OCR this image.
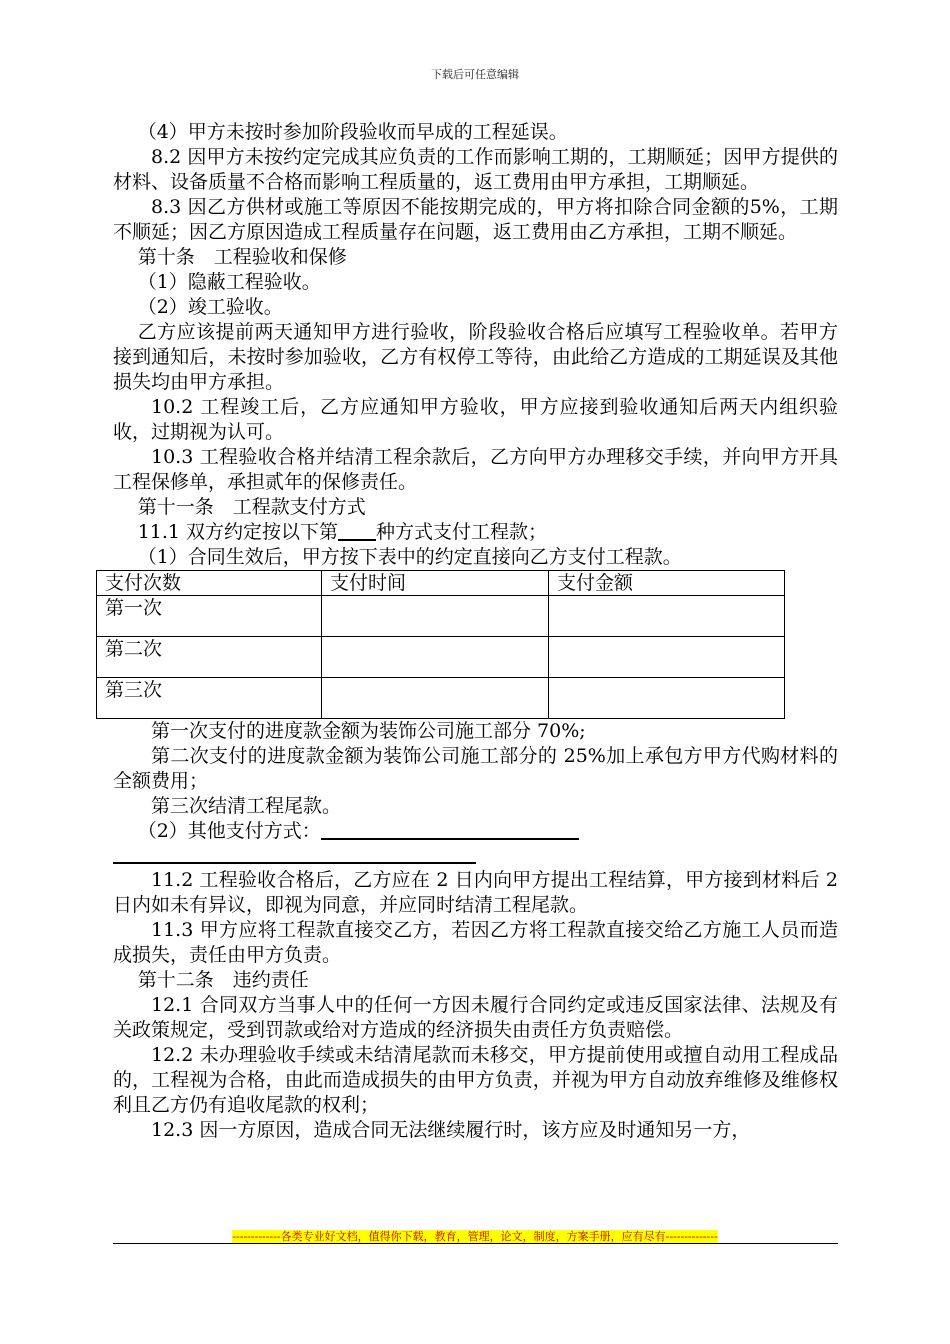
下载后可任意编辑

（4）甲方未按时参加阶段验收而早成的工程延误。

8.2 因甲方未按约定完成其应负责的工作而影响工期的，工期顺延；因甲方提供的材料、设备质量不合格而影响工程质量的，返工费用由甲方承担，工期顺延。

8.3 因乙方供材或施工等原因不能按期完成的，甲方将扣除合同金额的5%，工期不顺延；因乙方原因造成工程质量存在问题，返工费用由乙方承担，工期不顺延。

第十条　工程验收和保修

（1）隐蔽工程验收。

（2）竣工验收。

乙方应该提前两天通知甲方进行验收，阶段验收合格后应填写工程验收单。若甲方接到通知后，未按时参加验收，乙方有权停工等待，由此给乙方造成的工期延误及其他损失均由甲方承担。

10.2 工程竣工后，乙方应通知甲方验收，甲方应接到验收通知后两天内组织验收，过期视为认可。

10.3 工程验收合格并结清工程余款后，乙方向甲方办理移交手续，并向甲方开具工程保修单，承担贰年的保修责任。

第十一条　工程款支付方式

11.1 双方约定按以下第 种方式支付工程款；

（1）合同生效后，甲方按下表中的约定直接向乙方支付工程款。

支付次数	支付时间	支付金额
第一次		
第二次		
第三次		

第一次支付的进度款金额为装饰公司施工部分 70%;

第二次支付的进度款金额为装饰公司施工部分的 25%加上承包方甲方代购材料的全额费用；

第三次结清工程尾款。

（2）其他支付方式：

11.2 工程验收合格后，乙方应在 2 日内向甲方提出工程结算，甲方接到材料后 2 日内如未有异议，即视为同意，并应同时结清工程尾款。

11.3 甲方应将工程款直接交乙方，若因乙方将工程款直接交给乙方施工人员而造成损失，责任由甲方负责。

第十二条　违约责任

12.1 合同双方当事人中的任何一方因未履行合同约定或违反国家法律、法规及有关政策规定，受到罚款或给对方造成的经济损失由责任方负责赔偿。

12.2 未办理验收手续或未结清尾款而未移交，甲方提前使用或擅自动用工程成品的，工程视为合格，由此而造成损失的由甲方负责，并视为甲方自动放弃维修及维修权利且乙方仍有追收尾款的权利；

12.3 因一方原因，造成合同无法继续履行时，该方应及时通知另一方，

-------------各类专业好文档，值得你下载，教育，管理，论文，制度，方案手册，应有尽有--------------
